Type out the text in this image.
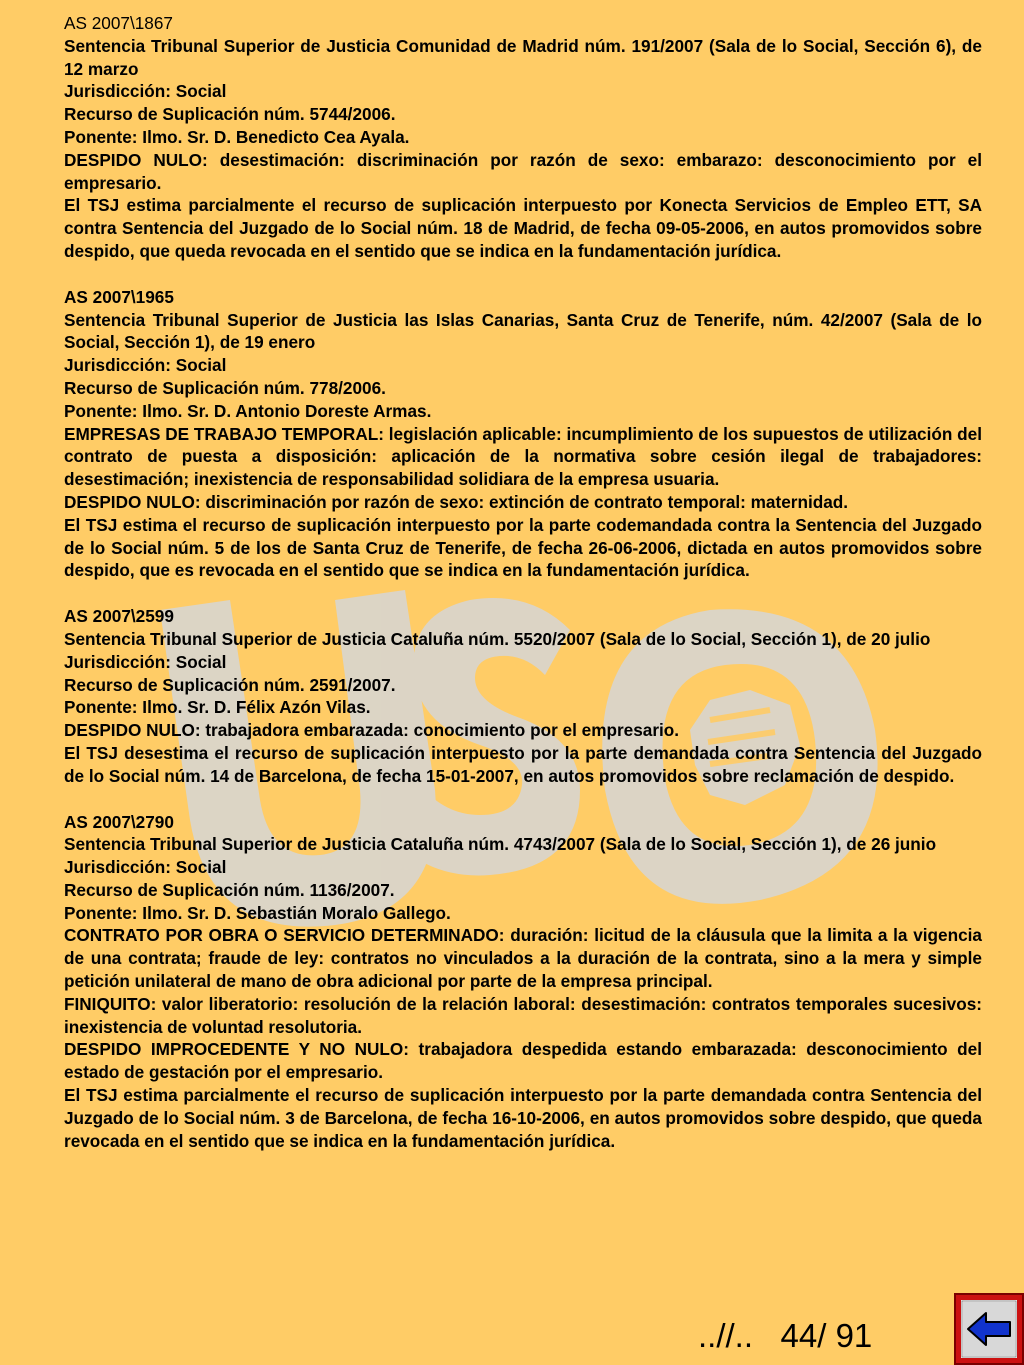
AS 2007\1867

Sentencia Tribunal Superior de Justicia Comunidad de Madrid núm. 191/2007 (Sala de lo Social, Sección 6), de 12 marzo

Jurisdicción: Social

Recurso de Suplicación núm. 5744/2006.

Ponente: Ilmo. Sr. D. Benedicto Cea Ayala.

DESPIDO NULO: desestimación: discriminación por razón de sexo: embarazo: desconocimiento por el empresario.

El TSJ estima parcialmente el recurso de suplicación interpuesto por Konecta Servicios de Empleo ETT, SA contra Sentencia del Juzgado de lo Social núm. 18 de Madrid, de fecha 09-05-2006, en autos promovidos sobre despido, que queda revocada en el sentido que se indica en la fundamentación jurídica.

AS 2007\1965

Sentencia Tribunal Superior de Justicia las Islas Canarias, Santa Cruz de Tenerife, núm. 42/2007 (Sala de lo Social, Sección 1), de 19 enero

Jurisdicción: Social

Recurso de Suplicación núm. 778/2006.

Ponente: Ilmo. Sr. D. Antonio Doreste Armas.

EMPRESAS DE TRABAJO TEMPORAL: legislación aplicable: incumplimiento de los supuestos de utilización del contrato de puesta a disposición: aplicación de la normativa sobre cesión ilegal de trabajadores: desestimación; inexistencia de responsabilidad solidiara de la empresa usuaria.

DESPIDO NULO: discriminación por razón de sexo: extinción de contrato temporal: maternidad.

El TSJ estima el recurso de suplicación interpuesto por la parte codemandada contra la Sentencia del Juzgado de lo Social núm. 5 de los de Santa Cruz de Tenerife, de fecha 26-06-2006, dictada en autos promovidos sobre despido, que es revocada en el sentido que se indica en la fundamentación jurídica.

AS 2007\2599

Sentencia Tribunal Superior de Justicia Cataluña núm. 5520/2007 (Sala de lo Social, Sección 1), de 20 julio

Jurisdicción: Social

Recurso de Suplicación núm. 2591/2007.

Ponente: Ilmo. Sr. D. Félix Azón Vilas.

DESPIDO NULO: trabajadora embarazada: conocimiento por el empresario.

El TSJ desestima el recurso de suplicación interpuesto por la parte demandada contra Sentencia del Juzgado de lo Social núm. 14 de Barcelona, de fecha 15-01-2007, en autos promovidos sobre reclamación de despido.

AS 2007\2790

Sentencia Tribunal Superior de Justicia Cataluña núm. 4743/2007 (Sala de lo Social, Sección 1), de 26 junio

Jurisdicción: Social

Recurso de Suplicación núm. 1136/2007.

Ponente: Ilmo. Sr. D. Sebastián Moralo Gallego.

CONTRATO POR OBRA O SERVICIO DETERMINADO: duración: licitud de la cláusula que la limita a la vigencia de una contrata; fraude de ley: contratos no vinculados a la duración de la contrata, sino a la mera y simple petición unilateral de mano de obra adicional por parte de la empresa principal.

FINIQUITO: valor liberatorio: resolución de la relación laboral: desestimación: contratos temporales sucesivos: inexistencia de voluntad resolutoria.

DESPIDO IMPROCEDENTE Y NO NULO: trabajadora despedida estando embarazada: desconocimiento del estado de gestación por el empresario.

El TSJ estima parcialmente el recurso de suplicación interpuesto por la parte demandada contra Sentencia del Juzgado de lo Social núm. 3 de Barcelona, de fecha 16-10-2006, en autos promovidos sobre despido, que queda revocada en el sentido que se indica en la fundamentación jurídica.

..//.. 44/ 91
